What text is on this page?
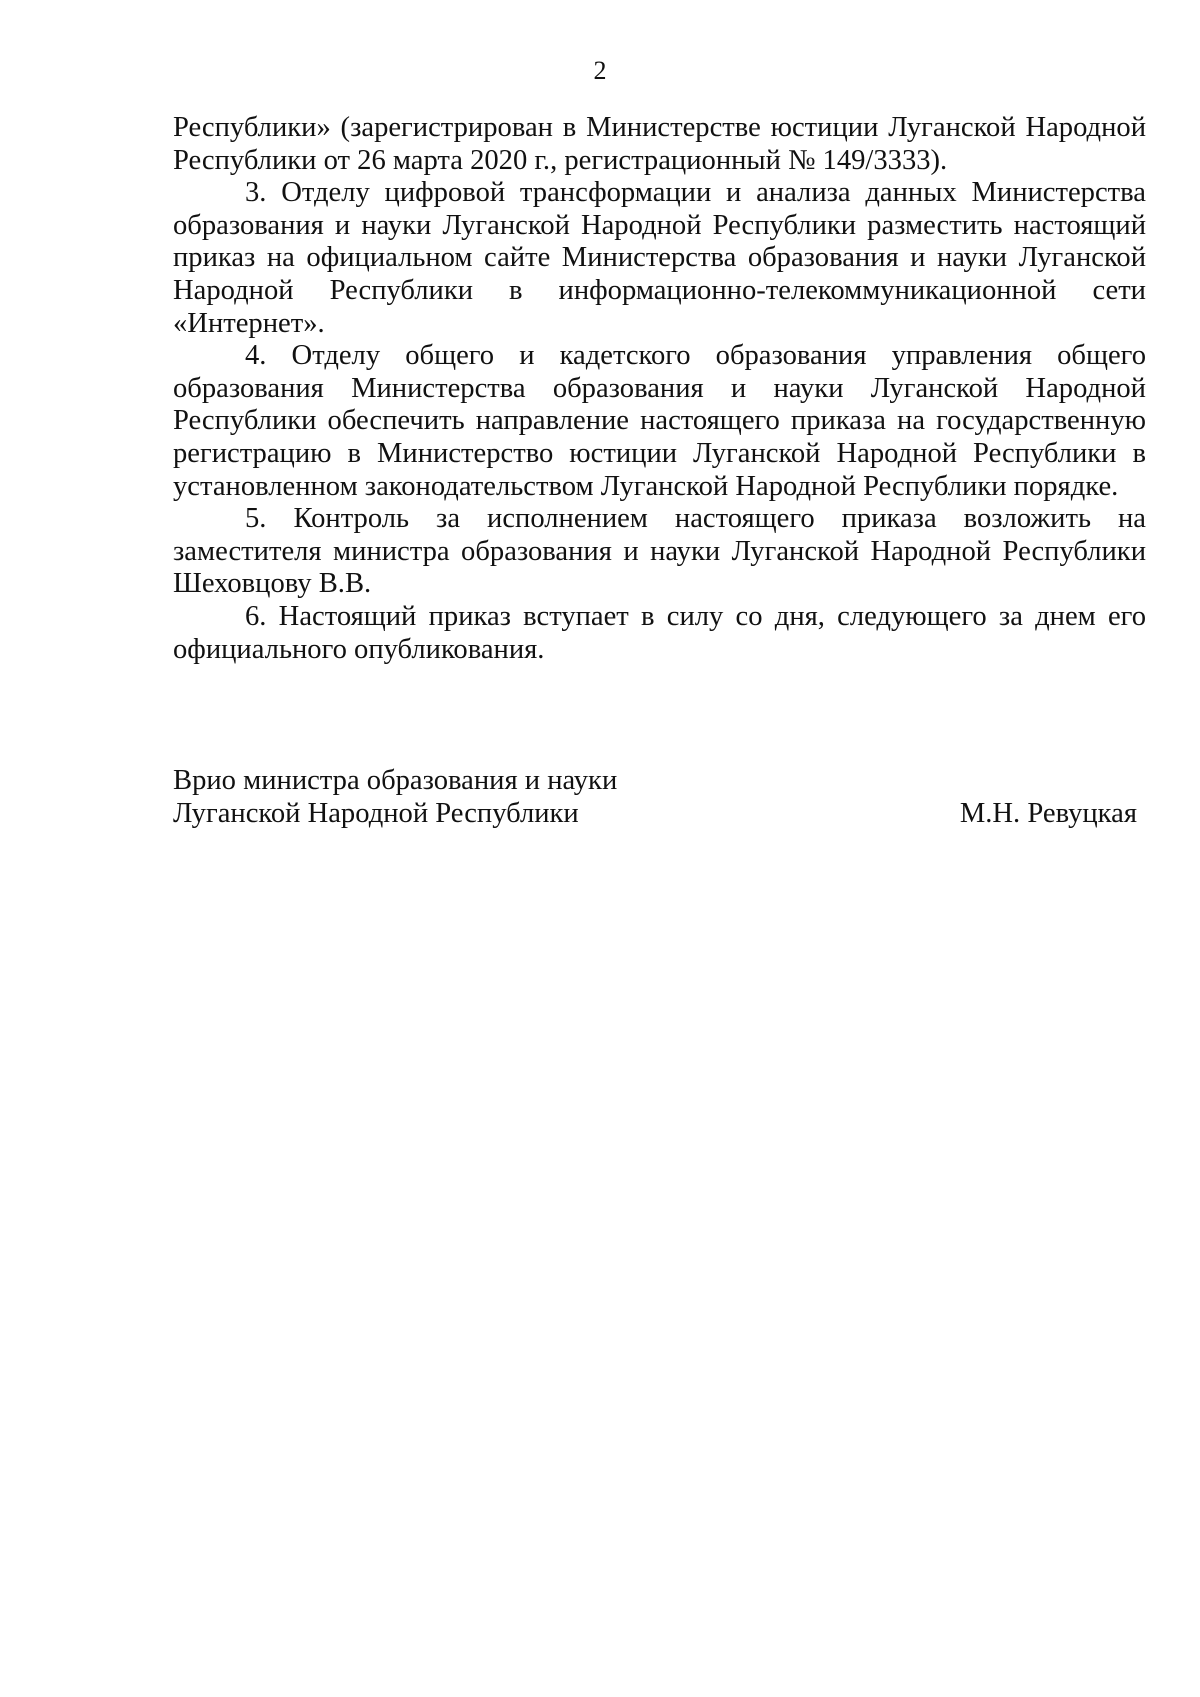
2

Республики» (зарегистрирован в Министерстве юстиции Луганской Народной Республики от 26 марта 2020 г., регистрационный № 149/3333).

3. Отделу цифровой трансформации и анализа данных Министерства образования и науки Луганской Народной Республики разместить настоящий приказ на официальном сайте Министерства образования и науки Луганской Народной Республики в информационно-телекоммуникационной сети «Интернет».

4. Отделу общего и кадетского образования управления общего образования Министерства образования и науки Луганской Народной Республики обеспечить направление настоящего приказа на государственную регистрацию в Министерство юстиции Луганской Народной Республики в установленном законодательством Луганской Народной Республики порядке.

5. Контроль за исполнением настоящего приказа возложить на заместителя министра образования и науки Луганской Народной Республики Шеховцову В.В.

6. Настоящий приказ вступает в силу со дня, следующего за днем его официального опубликования.

Врио министра образования и науки
Луганской Народной Республики	М.Н. Ревуцкая
